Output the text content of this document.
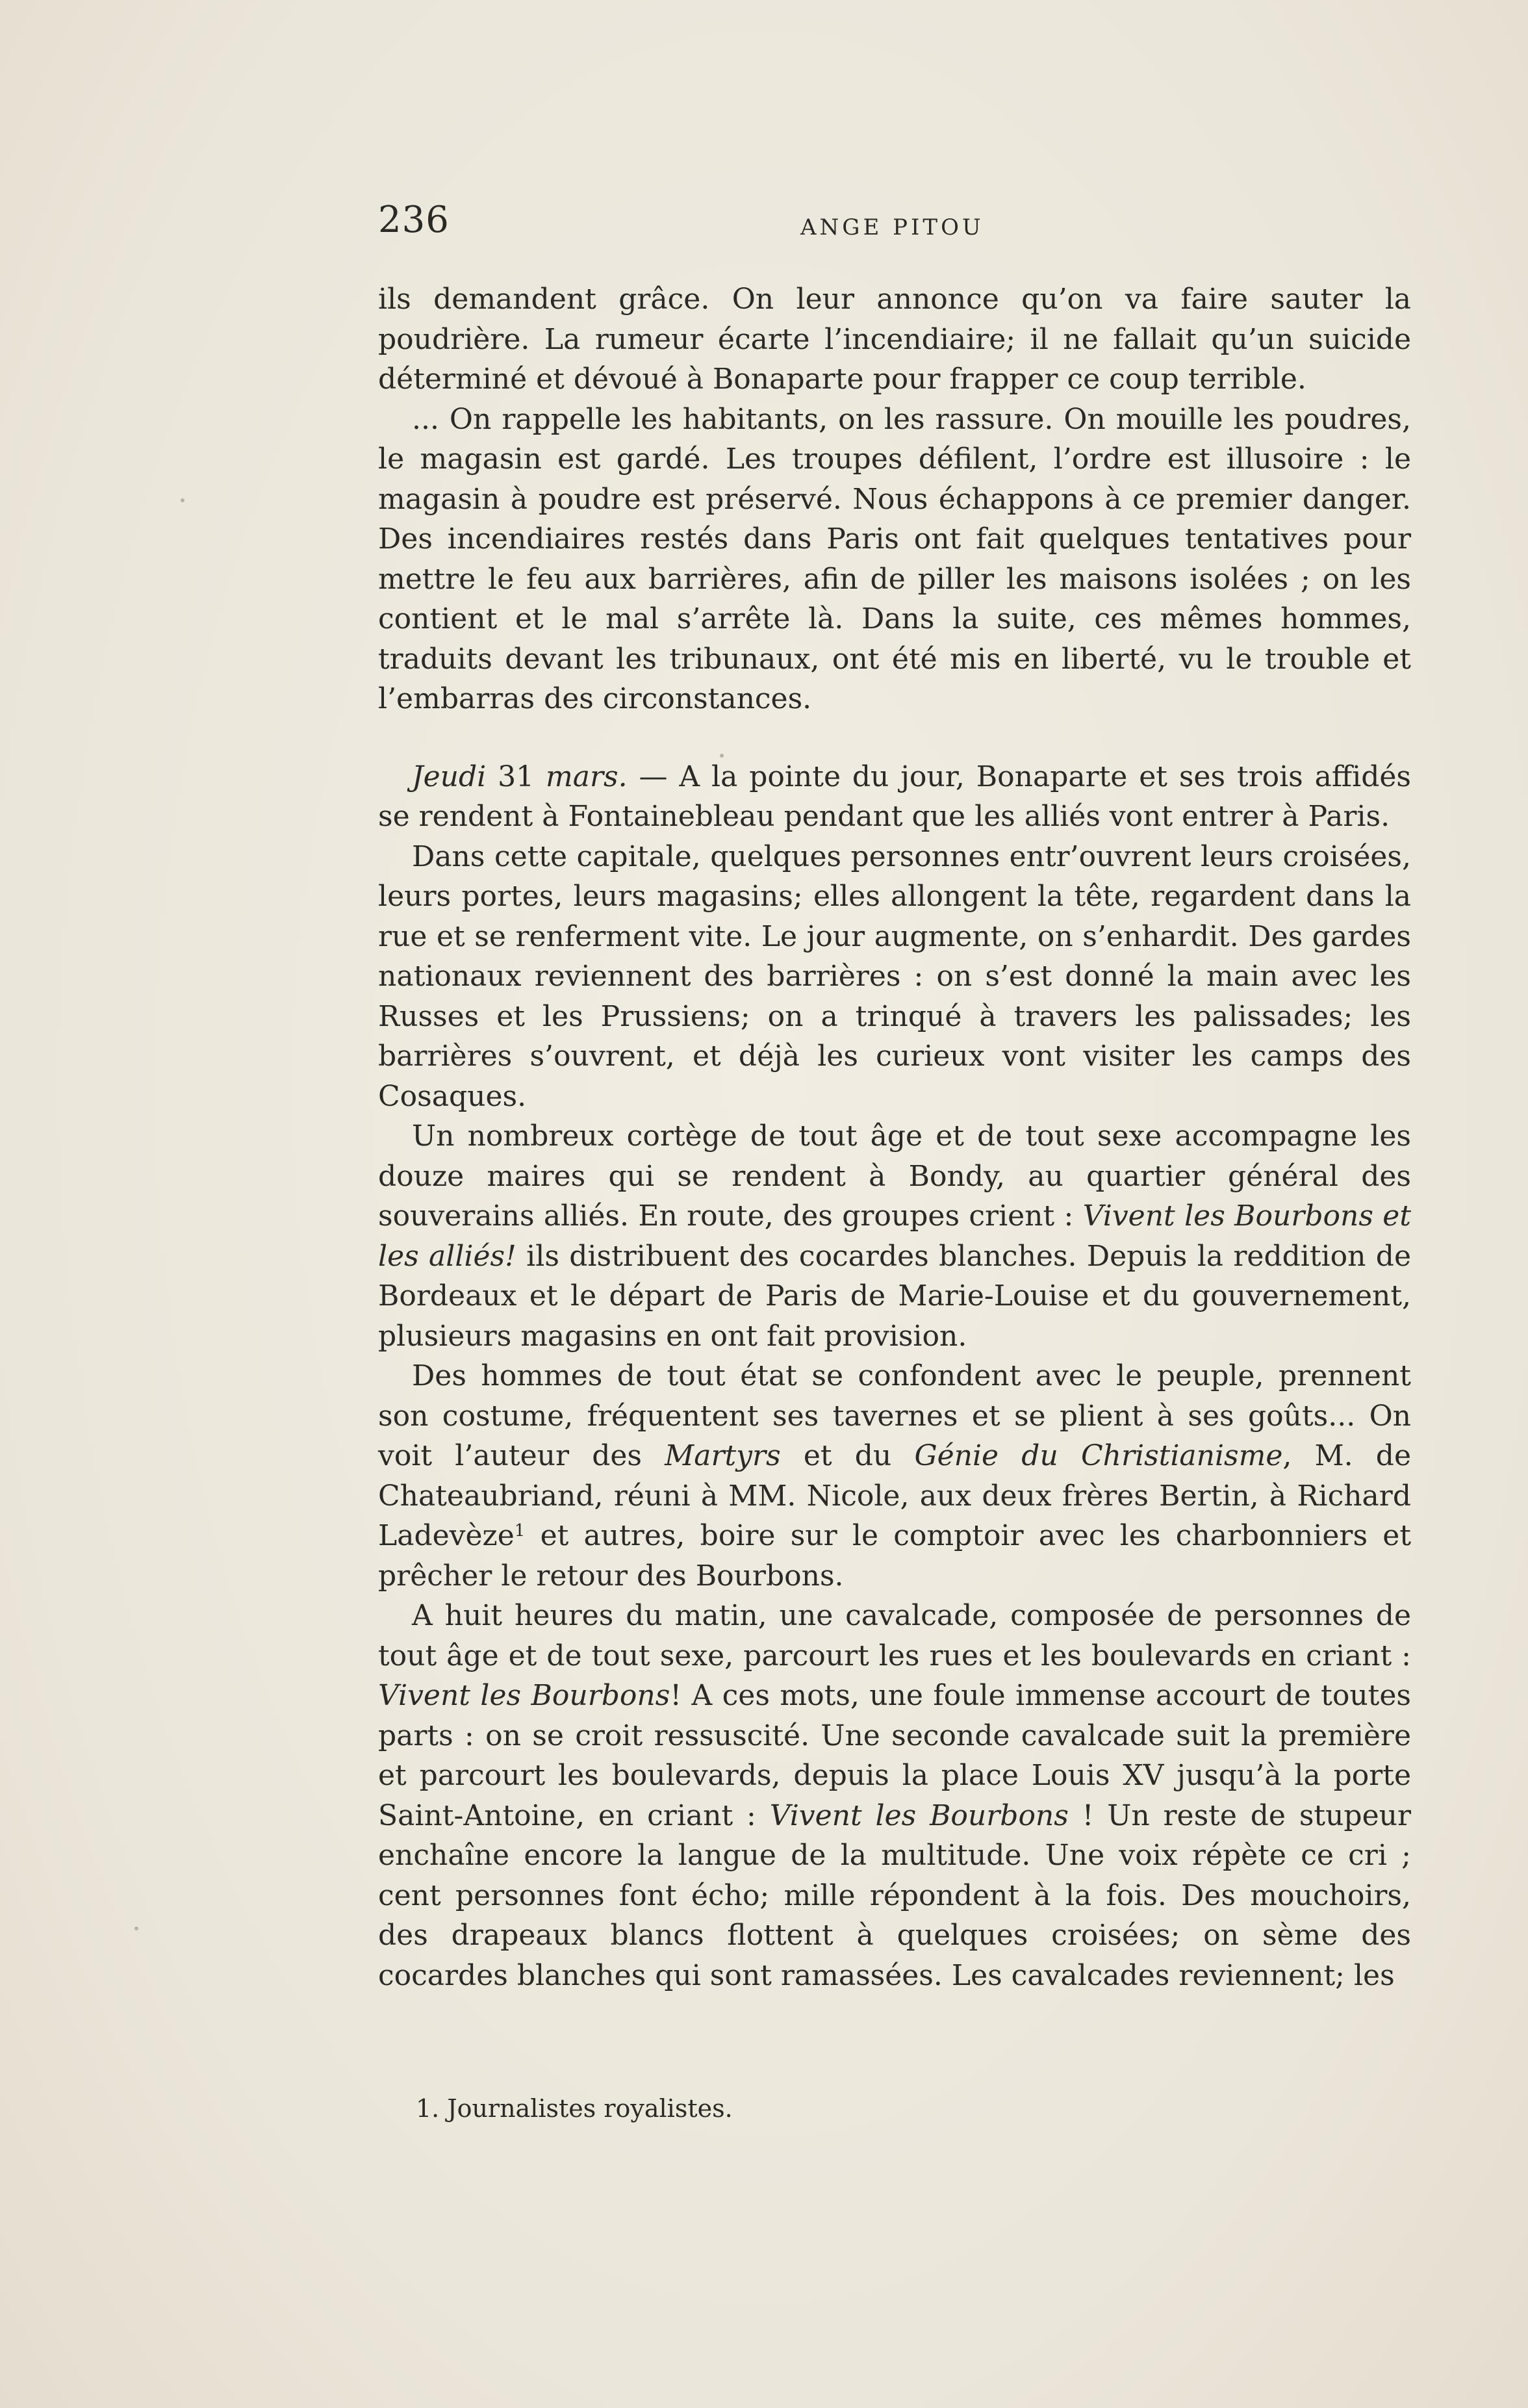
236	ANGE PITOU

ils demandent grâce. On leur annonce qu’on va faire sauter la poudrière. La rumeur écarte l’incendiaire; il ne fallait qu’un suicide déterminé et dévoué à Bonaparte pour frapper ce coup terrible.

... On rappelle les habitants, on les rassure. On mouille les poudres, le magasin est gardé. Les troupes défilent, l’ordre est illusoire : le magasin à poudre est préservé. Nous échappons à ce premier danger. Des incendiaires restés dans Paris ont fait quelques tentatives pour mettre le feu aux barrières, afin de piller les maisons isolées ; on les contient et le mal s’arrête là. Dans la suite, ces mêmes hommes, traduits devant les tribunaux, ont été mis en liberté, vu le trouble et l’embarras des circonstances.

Jeudi 31 mars. — A la pointe du jour, Bonaparte et ses trois affidés se rendent à Fontainebleau pendant que les alliés vont entrer à Paris.

Dans cette capitale, quelques personnes entr’ouvrent leurs croisées, leurs portes, leurs magasins; elles allongent la tête, regardent dans la rue et se renferment vite. Le jour augmente, on s’enhardit. Des gardes nationaux reviennent des barrières : on s’est donné la main avec les Russes et les Prussiens; on a trinqué à travers les palissades; les barrières s’ouvrent, et déjà les curieux vont visiter les camps des Cosaques.

Un nombreux cortège de tout âge et de tout sexe accompagne les douze maires qui se rendent à Bondy, au quartier général des souverains alliés. En route, des groupes crient : Vivent les Bourbons et les alliés! ils distribuent des cocardes blanches. Depuis la reddition de Bordeaux et le départ de Paris de Marie-Louise et du gouvernement, plusieurs magasins en ont fait provision.

Des hommes de tout état se confondent avec le peuple, prennent son costume, fréquentent ses tavernes et se plient à ses goûts... On voit l’auteur des Martyrs et du Génie du Christianisme, M. de Chateaubriand, réuni à MM. Nicole, aux deux frères Bertin, à Richard Ladevèze$^1$ et autres, boire sur le comptoir avec les charbonniers et prêcher le retour des Bourbons.

A huit heures du matin, une cavalcade, composée de personnes de tout âge et de tout sexe, parcourt les rues et les boulevards en criant : Vivent les Bourbons! A ces mots, une foule immense accourt de toutes parts : on se croit ressuscité. Une seconde cavalcade suit la première et parcourt les boulevards, depuis la place Louis XV jusqu’à la porte Saint-Antoine, en criant : Vivent les Bourbons ! Un reste de stupeur enchaîne encore la langue de la multitude. Une voix répète ce cri ; cent personnes font écho; mille répondent à la fois. Des mouchoirs, des drapeaux blancs flottent à quelques croisées; on sème des cocardes blanches qui sont ramassées. Les cavalcades reviennent; les

1. Journalistes royalistes.
